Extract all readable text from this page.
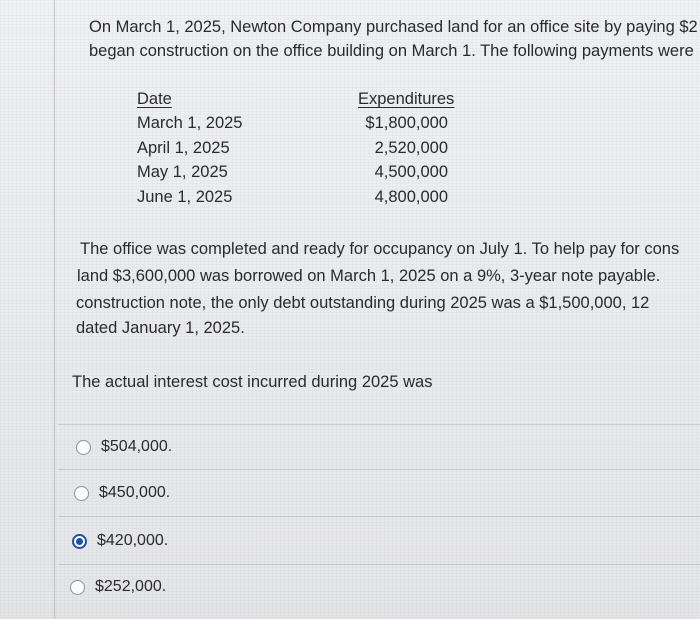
On March 1, 2025, Newton Company purchased land for an office site by paying $2
began construction on the office building on March 1. The following payments were
Date	Expenditures
March 1, 2025	$1,800,000
April 1, 2025	2,520,000
May 1, 2025	4,500,000
June 1, 2025	4,800,000
The office was completed and ready for occupancy on July 1. To help pay for cons
land $3,600,000 was borrowed on March 1, 2025 on a 9%, 3-year note payable.
construction note, the only debt outstanding during 2025 was a $1,500,000, 12
dated January 1, 2025.
The actual interest cost incurred during 2025 was
$504,000.
$450,000.
$420,000.
$252,000.
